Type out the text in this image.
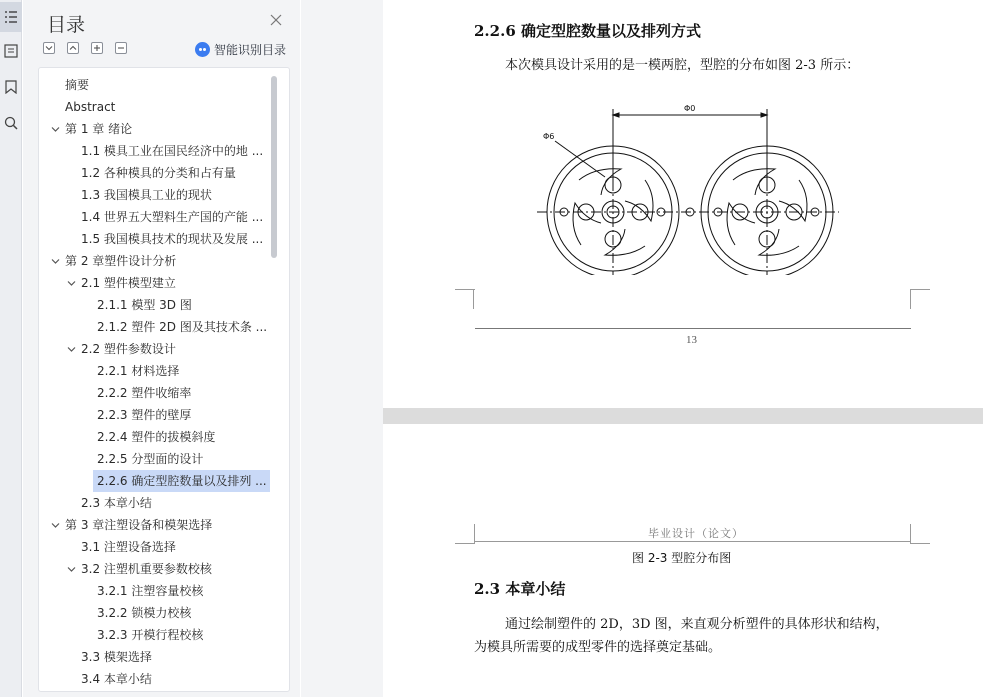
目录
智能识别目录
摘要
Abstract
第 1 章 绪论
1.1 模具工业在国民经济中的地 ...
1.2 各种模具的分类和占有量
1.3 我国模具工业的现状
1.4 世界五大塑料生产国的产能 ...
1.5 我国模具技术的现状及发展 ...
第 2 章塑件设计分析
2.1 塑件模型建立
2.1.1 模型 3D 图
2.1.2 塑件 2D 图及其技术条 ...
2.2 塑件参数设计
2.2.1 材料选择
2.2.2 塑件收缩率
2.2.3 塑件的壁厚
2.2.4 塑件的拔模斜度
2.2.5 分型面的设计
2.2.6 确定型腔数量以及排列 ...
2.3 本章小结
第 3 章注塑设备和模架选择
3.1 注塑设备选择
3.2 注塑机重要参数校核
3.2.1 注塑容量校核
3.2.2 锁模力校核
3.2.3 开模行程校核
3.3 模架选择
3.4 本章小结
2.2.6 确定型腔数量以及排列方式
本次模具设计采用的是一模两腔，型腔的分布如图 2-3 所示：
Φ0
Φ6
13
毕业设计（论文）
图 2-3 型腔分布图
2.3 本章小结
通过绘制塑件的 2D，3D 图，来直观分析塑件的具体形状和结构，
为模具所需要的成型零件的选择奠定基础。
